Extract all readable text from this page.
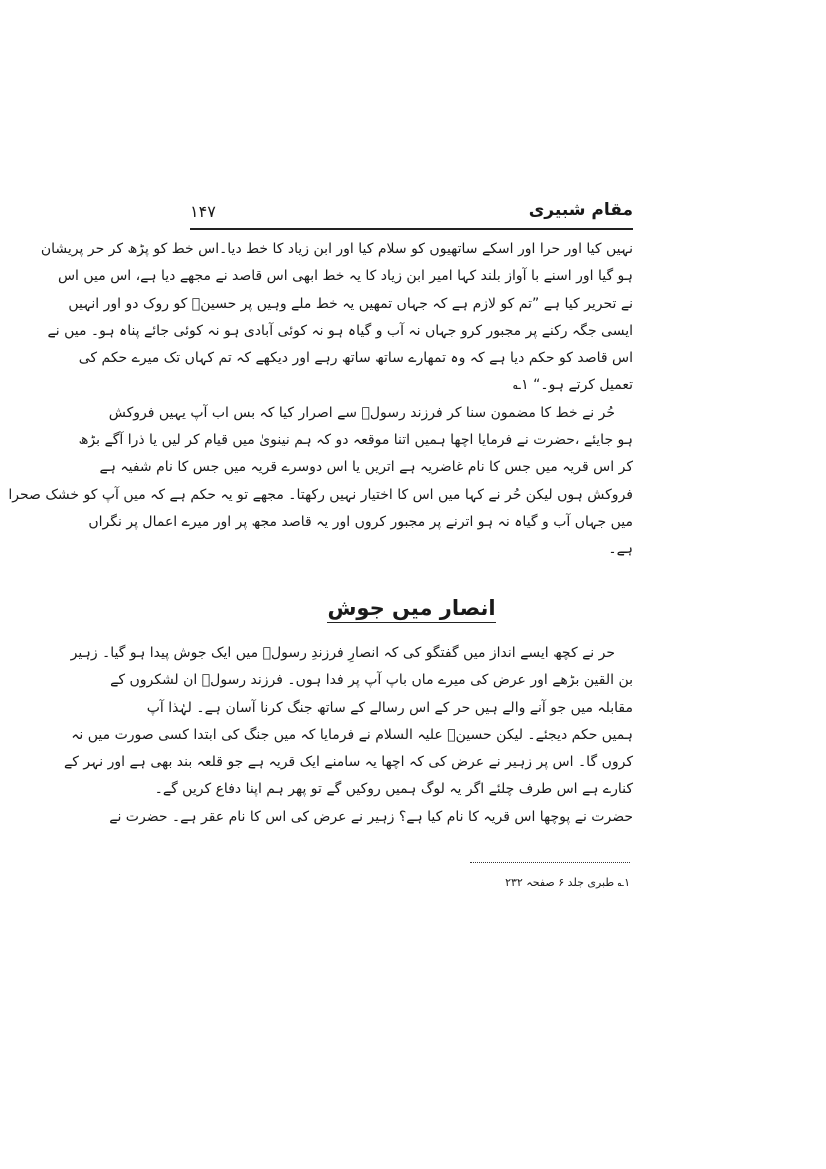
مقام شبیری
۱۴۷
نہیں کیا اور حرا اور اسکے ساتھیوں کو سلام کیا اور ابن زیاد کا خط دیا۔اس خط کو پڑھ کر حر پریشان
ہو گیا اور اسنے با آواز بلند کہا امیر ابن زیاد کا یہ خط ابھی اس قاصد نے مجھے دیا ہے، اس میں اس
نے تحریر کیا ہے ”تم کو لازم ہے کہ جہاں تمھیں یہ خط ملے وہیں پر حسینؑ کو روک دو اور انہیں
ایسی جگہ رکنے پر مجبور کرو جہاں نہ آب و گیاہ ہو نہ کوئی آبادی ہو نہ کوئی جائے پناہ ہو۔ میں نے
اس قاصد کو حکم دیا ہے کہ وہ تمھارے ساتھ ساتھ رہے اور دیکھے کہ تم کہاں تک میرے حکم کی
تعمیل کرتے ہو۔“ ۱؎
حُر نے خط کا مضمون سنا کر فرزند رسولؐ سے اصرار کیا کہ بس اب آپ یہیں فروکش
ہو جایئے ،حضرت نے فرمایا اچھا ہمیں اتنا موقعہ دو کہ ہم نینویٰ میں قیام کر لیں یا ذرا آگے بڑھ
کر اس قریہ میں جس کا نام غاضریہ ہے اتریں یا اس دوسرے قریہ میں جس کا نام شفیہ ہے
فروکش ہوں لیکن حُر نے کہا میں اس کا اختیار نہیں رکھتا۔ مجھے تو یہ حکم ہے کہ میں آپ کو خشک صحرا
میں جہاں آب و گیاہ نہ ہو اترنے پر مجبور کروں اور یہ قاصد مجھ پر اور میرے اعمال پر نگراں
ہے۔
انصار میں جوش
حر نے کچھ ایسے انداز میں گفتگو کی کہ انصارِ فرزندِ رسولؐ میں ایک جوش پیدا ہو گیا۔ زہیر
بن القین بڑھے اور عرض کی میرے ماں باپ آپ پر فدا ہوں۔ فرزند رسولؐ ان لشکروں کے
مقابلہ میں جو آنے والے ہیں حر کے اس رسالے کے ساتھ جنگ کرنا آسان ہے۔ لہٰذا آپ
ہمیں حکم دیجئے۔ لیکن حسینؑ علیہ السلام نے فرمایا کہ میں جنگ کی ابتدا کسی صورت میں نہ
کروں گا۔ اس پر زہیر نے عرض کی کہ اچھا یہ سامنے ایک قریہ ہے جو قلعہ بند بھی ہے اور نہر کے
کنارے ہے اس طرف چلئے اگر یہ لوگ ہمیں روکیں گے تو پھر ہم اپنا دفاع کریں گے۔
حضرت نے پوچھا اس قریہ کا نام کیا ہے؟ زہیر نے عرض کی اس کا نام عقر ہے۔ حضرت نے
۱؎ طبری جلد ۶ صفحہ ۲۳۲
